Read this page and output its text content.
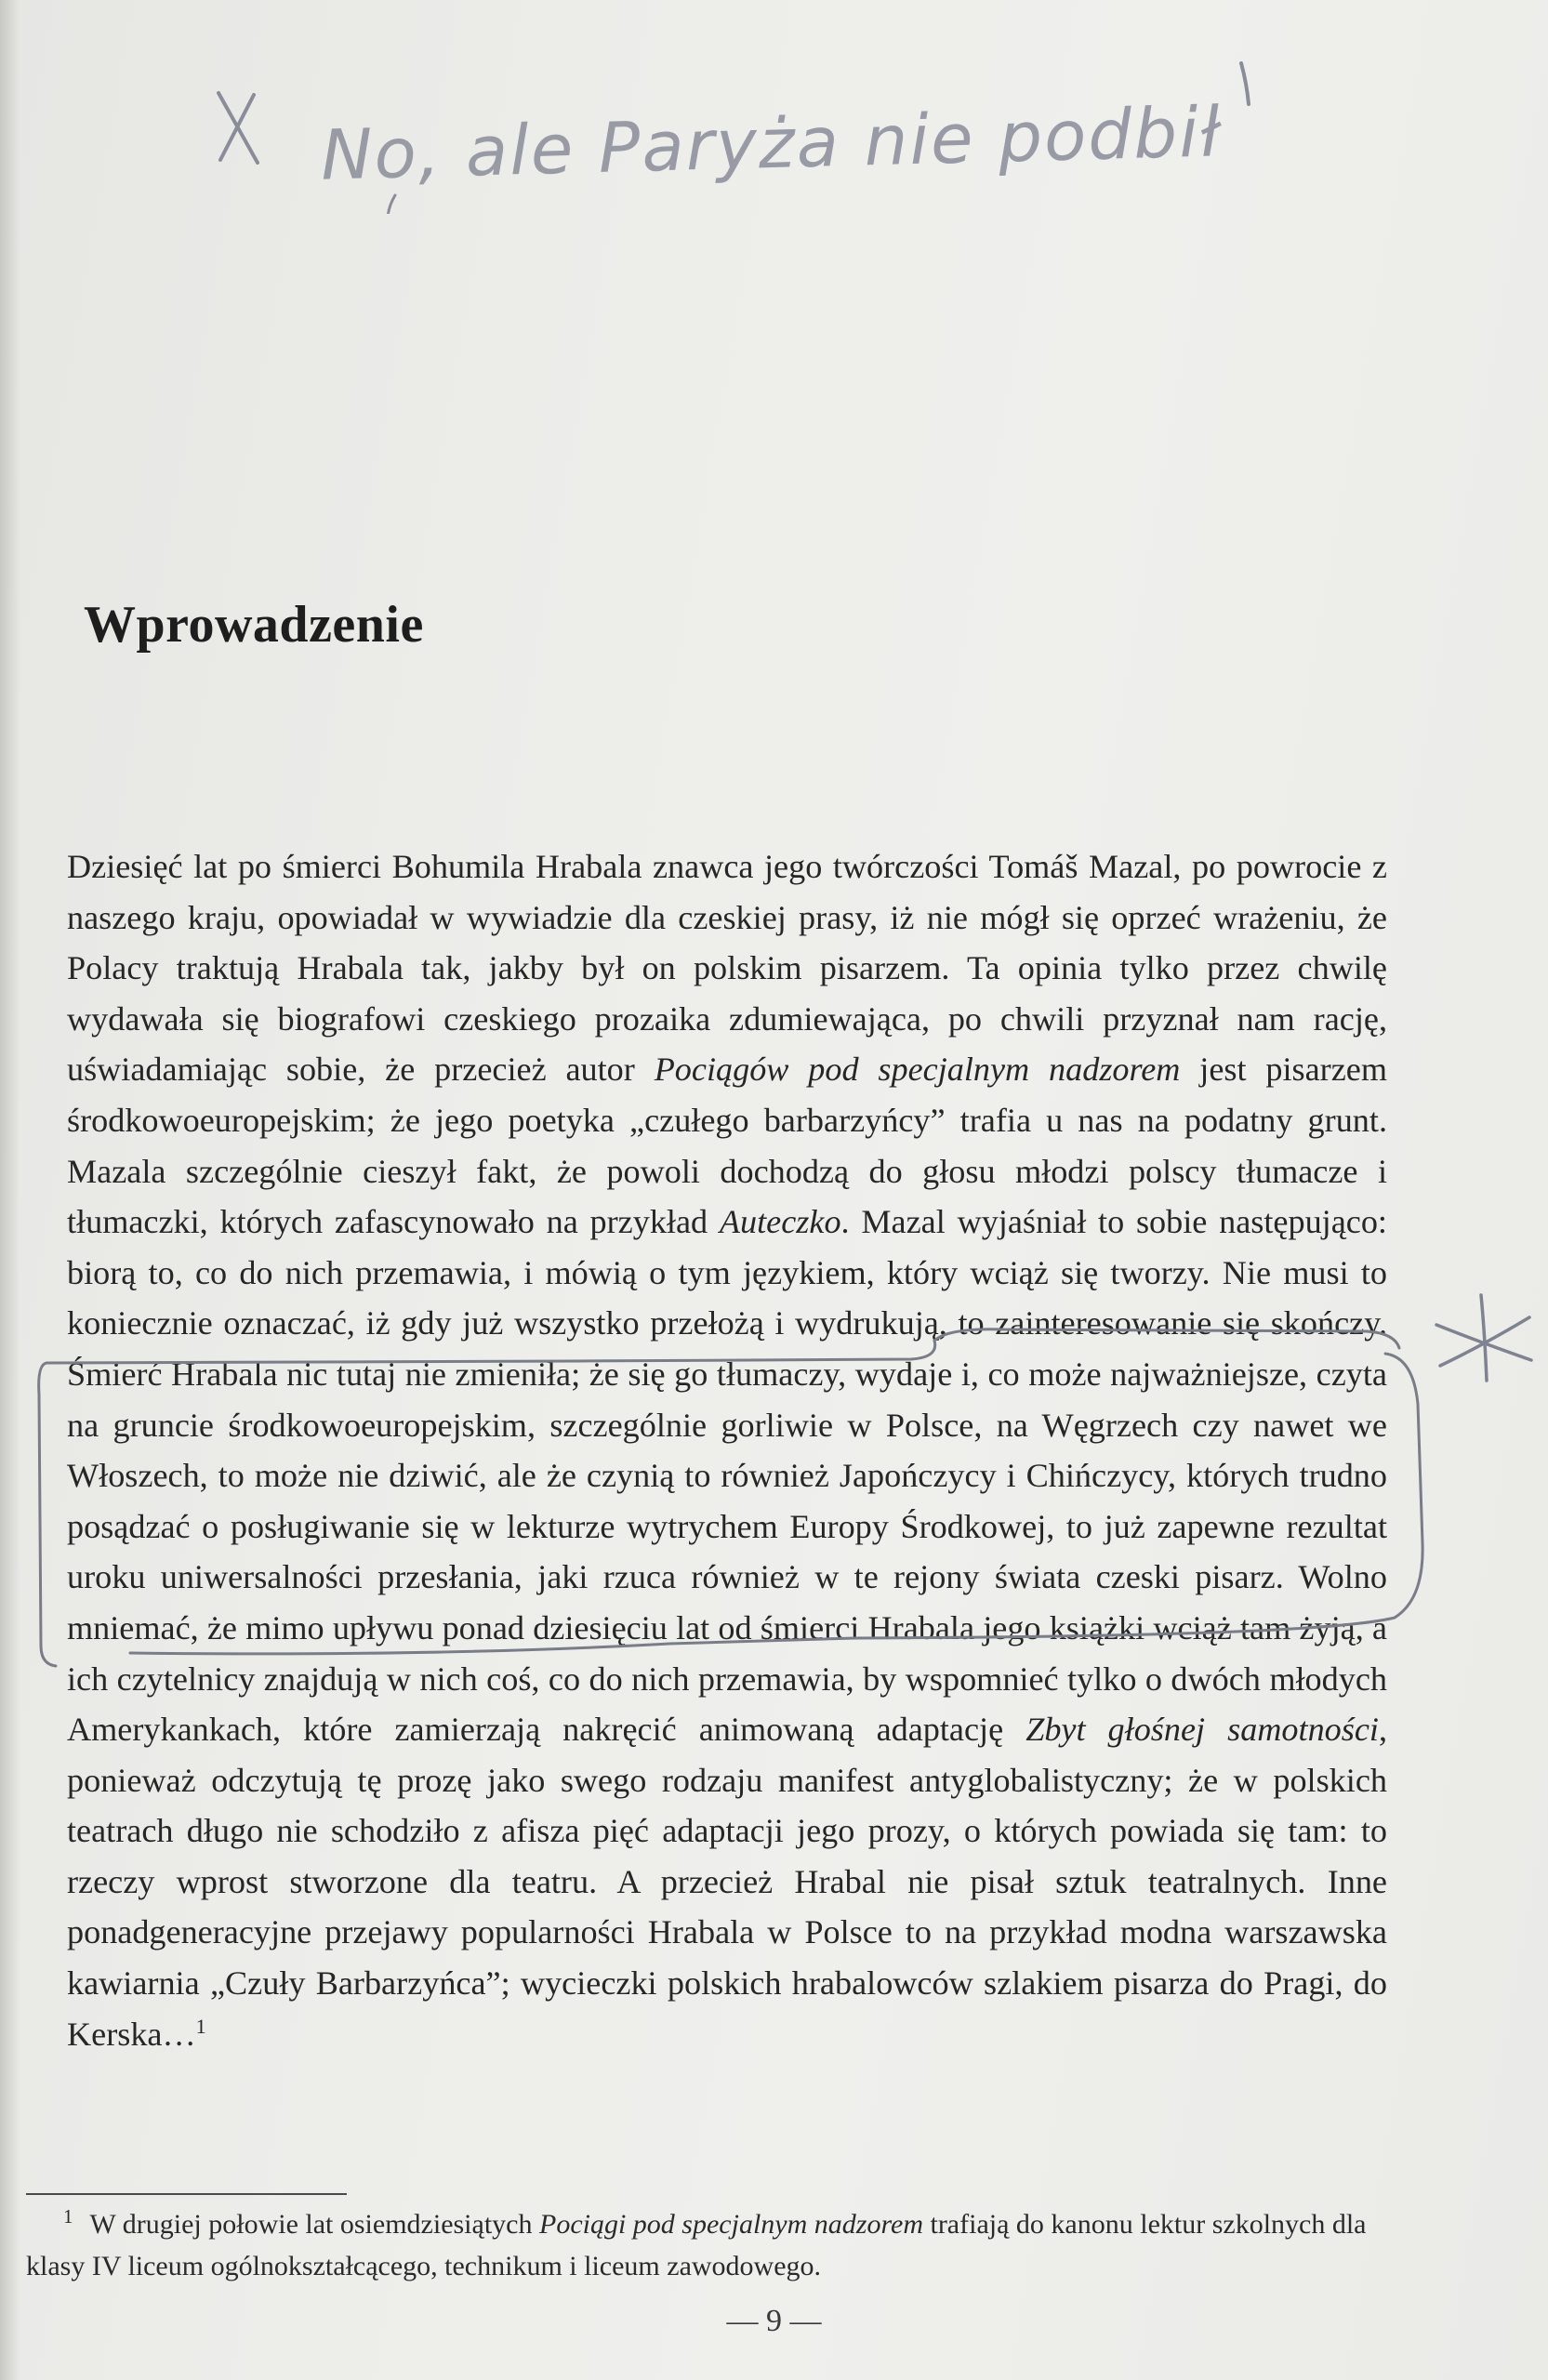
No, ale Paryża nie podbił
Wprowadzenie

Dziesięć lat po śmierci Bohumila Hrabala znawca jego twórczości Tomáš Mazal, po powrocie z naszego kraju, opowiadał w wywiadzie dla czeskiej prasy, iż nie mógł się oprzeć wrażeniu, że Polacy traktują Hrabala tak, jakby był on polskim pisarzem. Ta opinia tylko przez chwilę wydawała się biografowi czeskiego prozaika zdumiewająca, po chwili przyznał nam rację, uświadamiając sobie, że przecież autor Pociągów pod specjalnym nadzorem jest pisarzem środkowoeuropejskim; że jego poetyka „czułego barbarzyńcy” trafia u nas na podatny grunt. Mazala szczególnie cieszył fakt, że powoli dochodzą do głosu młodzi polscy tłumacze i tłumaczki, których zafascynowało na przykład Auteczko. Mazal wyjaśniał to sobie następująco: biorą to, co do nich przemawia, i mówią o tym językiem, który wciąż się tworzy. Nie musi to koniecznie oznaczać, iż gdy już wszystko przełożą i wydrukują, to zainteresowanie się skończy. Śmierć Hrabala nic tutaj nie zmieniła; że się go tłumaczy, wydaje i, co może najważniejsze, czyta na gruncie środkowoeuropejskim, szczególnie gorliwie w Polsce, na Węgrzech czy nawet we Włoszech, to może nie dziwić, ale że czynią to również Japończycy i Chińczycy, których trudno posądzać o posługiwanie się w lekturze wytrychem Europy Środkowej, to już zapewne rezultat uroku uniwersalności przesłania, jaki rzuca również w te rejony świata czeski pisarz. Wolno mniemać, że mimo upływu ponad dziesięciu lat od śmierci Hrabala jego książki wciąż tam żyją, a ich czytelnicy znajdują w nich coś, co do nich przemawia, by wspomnieć tylko o dwóch młodych Amerykankach, które zamierzają nakręcić animowaną adaptację Zbyt głośnej samotności, ponieważ odczytują tę prozę jako swego rodzaju manifest antyglobalistyczny; że w polskich teatrach długo nie schodziło z afisza pięć adaptacji jego prozy, o których powiada się tam: to rzeczy wprost stworzone dla teatru. A przecież Hrabal nie pisał sztuk teatralnych. Inne ponadgeneracyjne przejawy popularności Hrabala w Polsce to na przykład modna warszawska kawiarnia „Czuły Barbarzyńca”; wycieczki polskich hrabalowców szlakiem pisarza do Pragi, do Kerska…$^1$

$^1$ W drugiej połowie lat osiemdziesiątych Pociągi pod specjalnym nadzorem trafiają do kanonu lektur szkolnych dla klasy IV liceum ogólnokształcącego, technikum i liceum zawodowego.

— 9 —
